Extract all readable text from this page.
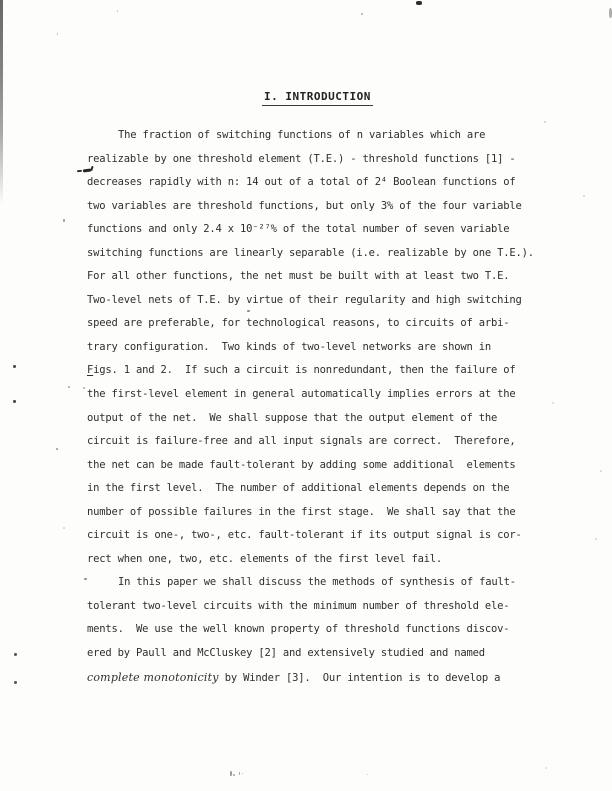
I. INTRODUCTION
The fraction of switching functions of n variables which are
realizable by one threshold element (T.E.) - threshold functions [1] -
decreases rapidly with n: 14 out of a total of 2⁴ Boolean functions of
two variables are threshold functions, but only 3% of the four variable
functions and only 2.4 x 10⁻²⁷% of the total number of seven variable
switching functions are linearly separable (i.e. realizable by one T.E.).
For all other functions, the net must be built with at least two T.E.
Two-level nets of T.E. by virtue of their regularity and high switching
speed are preferable, for technological reasons, to circuits of arbi-
trary configuration.  Two kinds of two-level networks are shown in
Figs. 1 and 2.  If such a circuit is nonredundant, then the failure of
the first-level element in general automatically implies errors at the
output of the net.  We shall suppose that the output element of the
circuit is failure-free and all input signals are correct.  Therefore,
the net can be made fault-tolerant by adding some additional  elements
in the first level.  The number of additional elements depends on the
number of possible failures in the first stage.  We shall say that the
circuit is one-, two-, etc. fault-tolerant if its output signal is cor-
rect when one, two, etc. elements of the first level fail.
In this paper we shall discuss the methods of synthesis of fault-
tolerant two-level circuits with the minimum number of threshold ele-
ments.  We use the well known property of threshold functions discov-
ered by Paull and McCluskey [2] and extensively studied and named
complete monotonicity by Winder [3].  Our intention is to develop a
